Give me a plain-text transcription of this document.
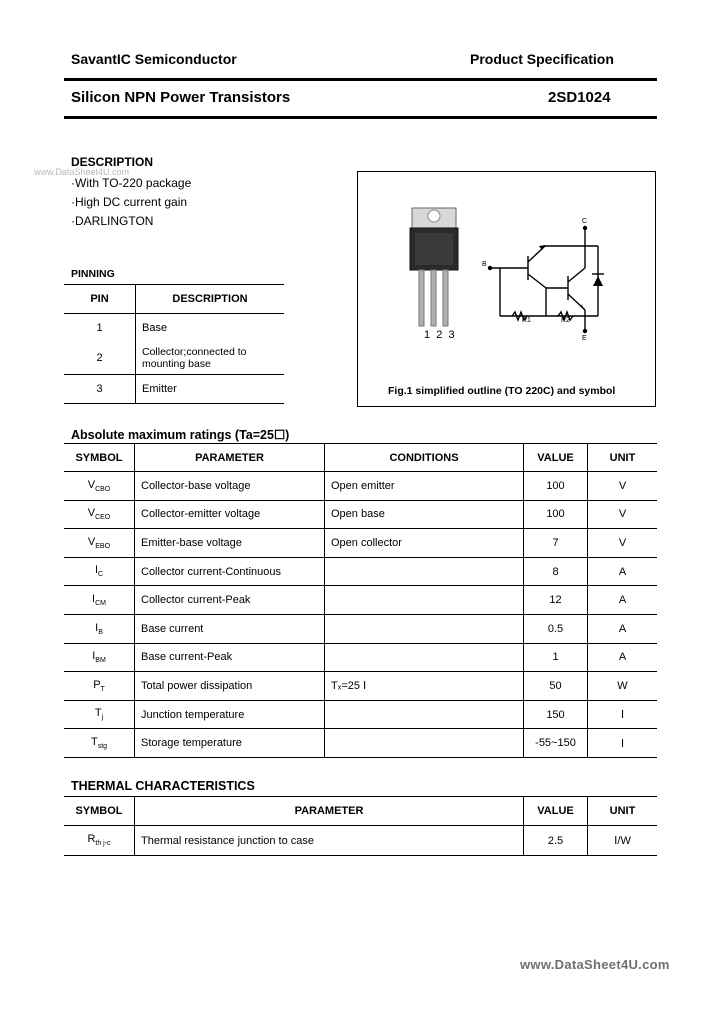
SavantIC Semiconductor	Product Specification
Silicon NPN Power Transistors	2SD1024
DESCRIPTION
www.DataSheet4U.com
·With TO-220 package
·High DC current gain
·DARLINGTON
PINNING
PIN	DESCRIPTION
1	Base
2	Collector;connected to mounting base
3	Emitter
1  2  3
C
B
E
R1	R2
Fig.1 simplified outline (TO 220C) and symbol
Absolute maximum ratings (Ta=25☐)
SYMBOL	PARAMETER	CONDITIONS	VALUE	UNIT
$V_{CBO}$	Collector-base voltage	Open emitter	100	V
$V_{CEO}$	Collector-emitter voltage	Open base	100	V
$V_{EBO}$	Emitter-base voltage	Open collector	7	V
$I_C$	Collector current-Continuous		8	A
$I_{CM}$	Collector current-Peak		12	A
$I_B$	Base current		0.5	A
$I_{BM}$	Base current-Peak		1	A
$P_T$	Total power dissipation	Tₓ=25 Ⅰ	50	W
$T_j$	Junction temperature		150	Ⅰ
$T_{stg}$	Storage temperature		-55~150	Ⅰ
THERMAL CHARACTERISTICS
SYMBOL	PARAMETER	VALUE	UNIT
$R_{th j-c}$	Thermal resistance junction to case	2.5	Ⅰ/W
www.DataSheet4U.com
